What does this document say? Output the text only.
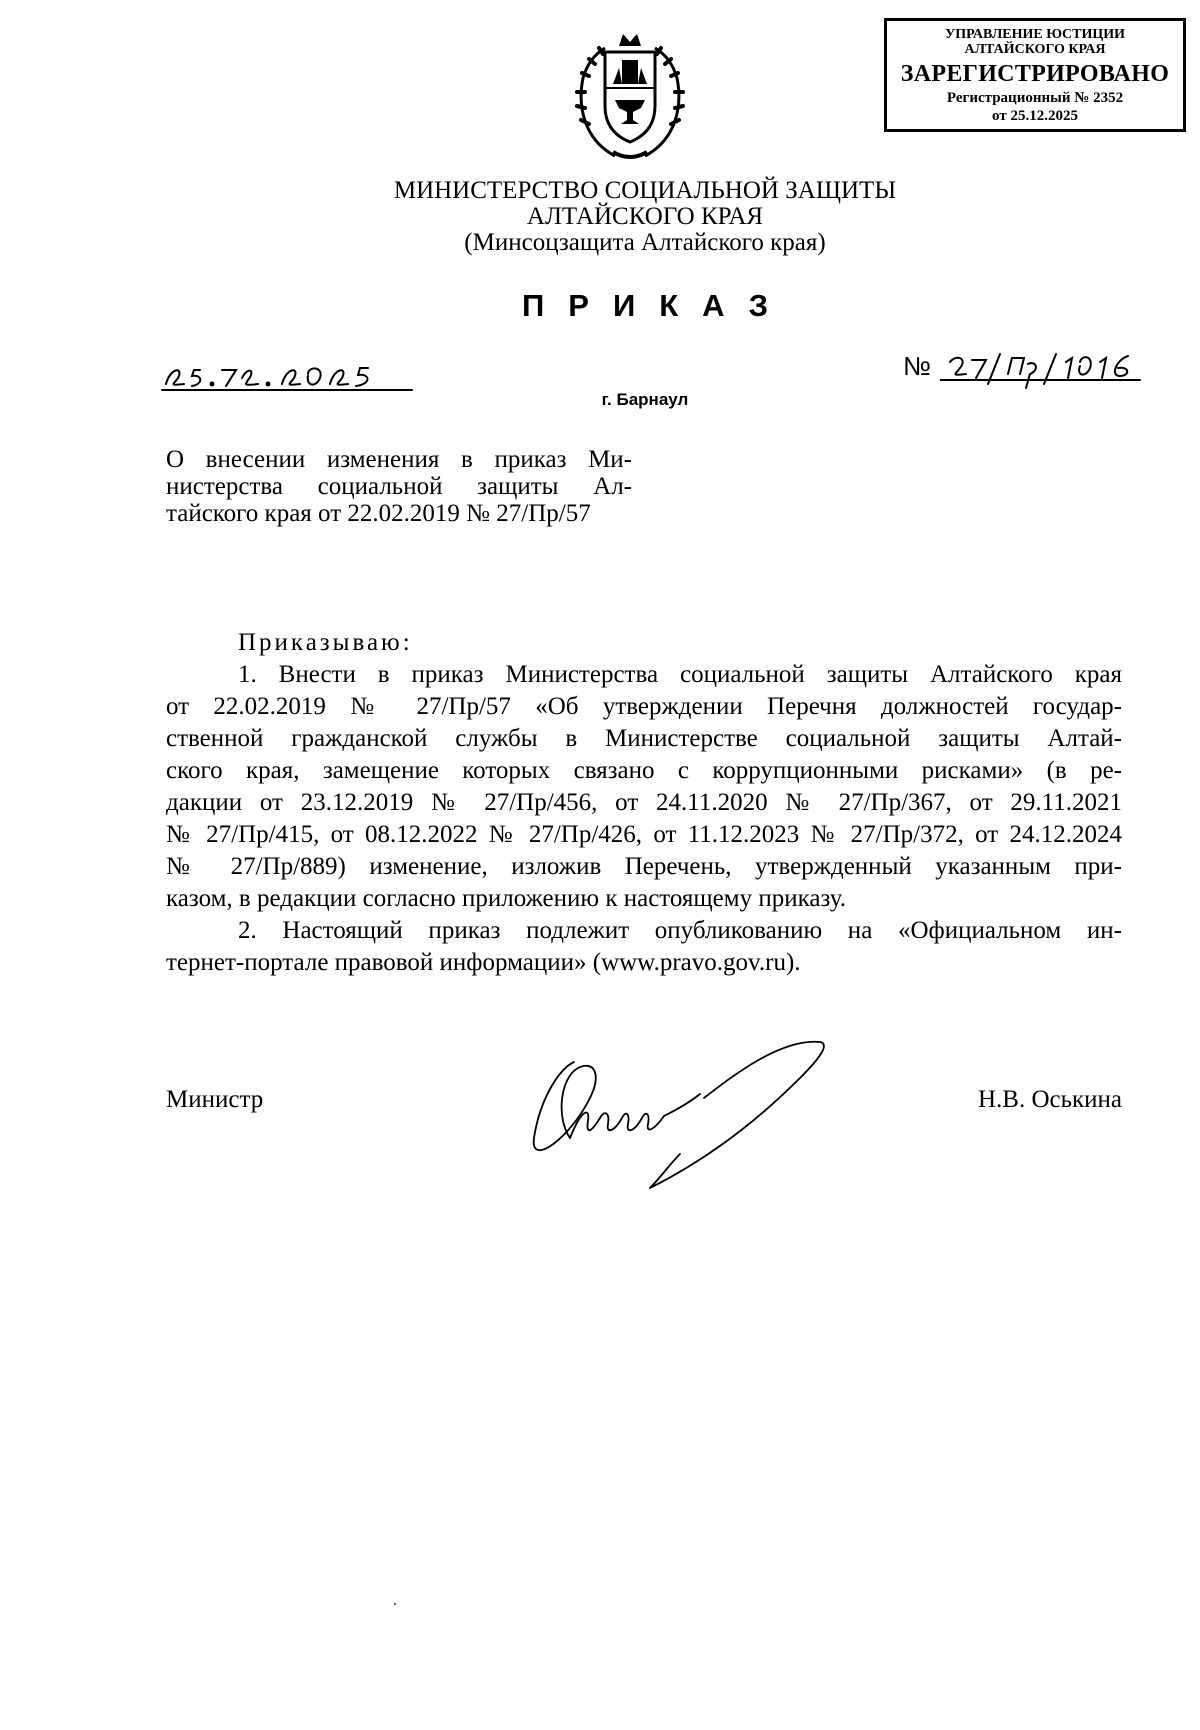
УПРАВЛЕНИЕ ЮСТИЦИИ
АЛТАЙСКОГО КРАЯ
ЗАРЕГИСТРИРОВАНО
Регистрационный № 2352
от 25.12.2025
МИНИСТЕРСТВО СОЦИАЛЬНОЙ ЗАЩИТЫ
АЛТАЙСКОГО КРАЯ
(Минсоцзащита Алтайского края)
ПРИКАЗ
№
г. Барнаул
О внесении изменения в приказ Ми-
нистерства социальной защиты Ал-
тайского края от 22.02.2019 № 27/Пр/57
Приказываю:
1. Внести в приказ Министерства социальной защиты Алтайского края
от 22.02.2019 № 27/Пр/57 «Об утверждении Перечня должностей государ-
ственной гражданской службы в Министерстве социальной защиты Алтай-
ского края, замещение которых связано с коррупционными рисками» (в ре-
дакции от 23.12.2019 № 27/Пр/456, от 24.11.2020 № 27/Пр/367, от 29.11.2021
№ 27/Пр/415, от 08.12.2022 № 27/Пр/426, от 11.12.2023 № 27/Пр/372, от 24.12.2024
№ 27/Пр/889) изменение, изложив Перечень, утвержденный указанным при-
казом, в редакции согласно приложению к настоящему приказу.
2. Настоящий приказ подлежит опубликованию на «Официальном ин-
тернет-портале правовой информации» (www.pravo.gov.ru).
Министр	Н.В. Оськина
